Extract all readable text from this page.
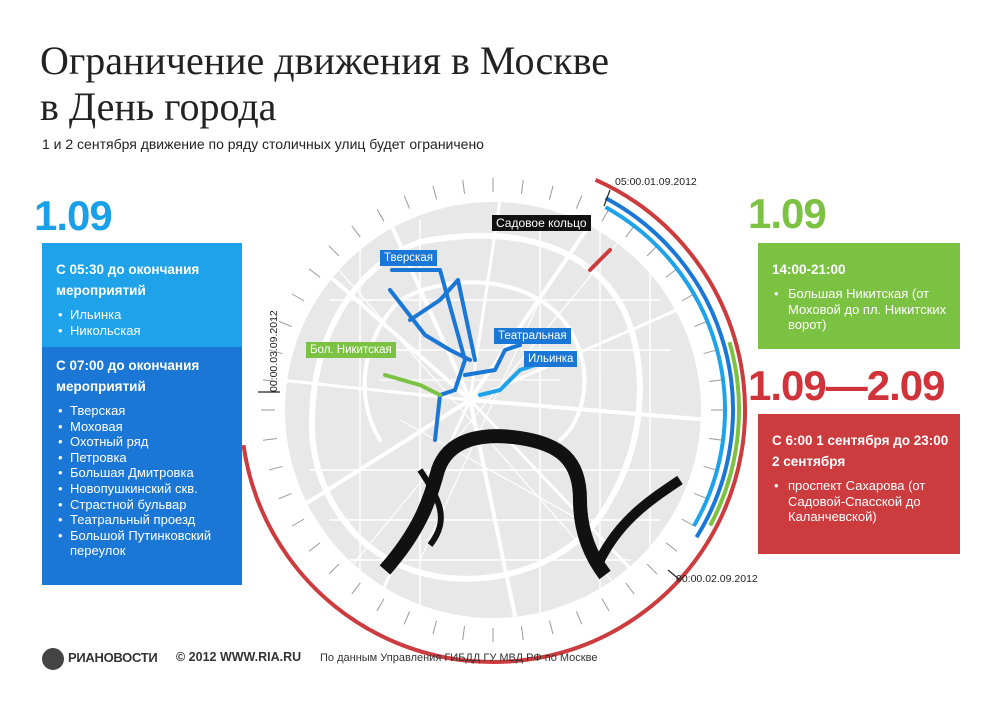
Ограничение движения в Москве
в День города
1 и 2 сентября движение по ряду столичных улиц будет ограничено
1.09
С 05:30 до окончания мероприятий
• Ильинка
• Никольская
С 07:00 до окончания мероприятий
• Тверская
• Моховая
• Охотный ряд
• Петровка
• Большая Дмитровка
• Новопушкинский скв.
• Страстной бульвар
• Театральный проезд
• Большой Путинковский переулок
1.09
14:00-21:00
• Большая Никитская (от Моховой до пл. Никитских ворот)
1.09—2.09
С 6:00 1 сентября до 23:00 2 сентября
• проспект Сахарова (от Садовой-Спасской до Каланчевской)
05:00.01.09.2012
00:00.03.09.2012
00:00.02.09.2012
Садовое кольцо
Тверская
Бол. Никитская
Театральная
Ильинка
РИАНОВОСТИ © 2012 WWW.RIA.RU По данным Управления ГИБДД ГУ МВД РФ по Москве
